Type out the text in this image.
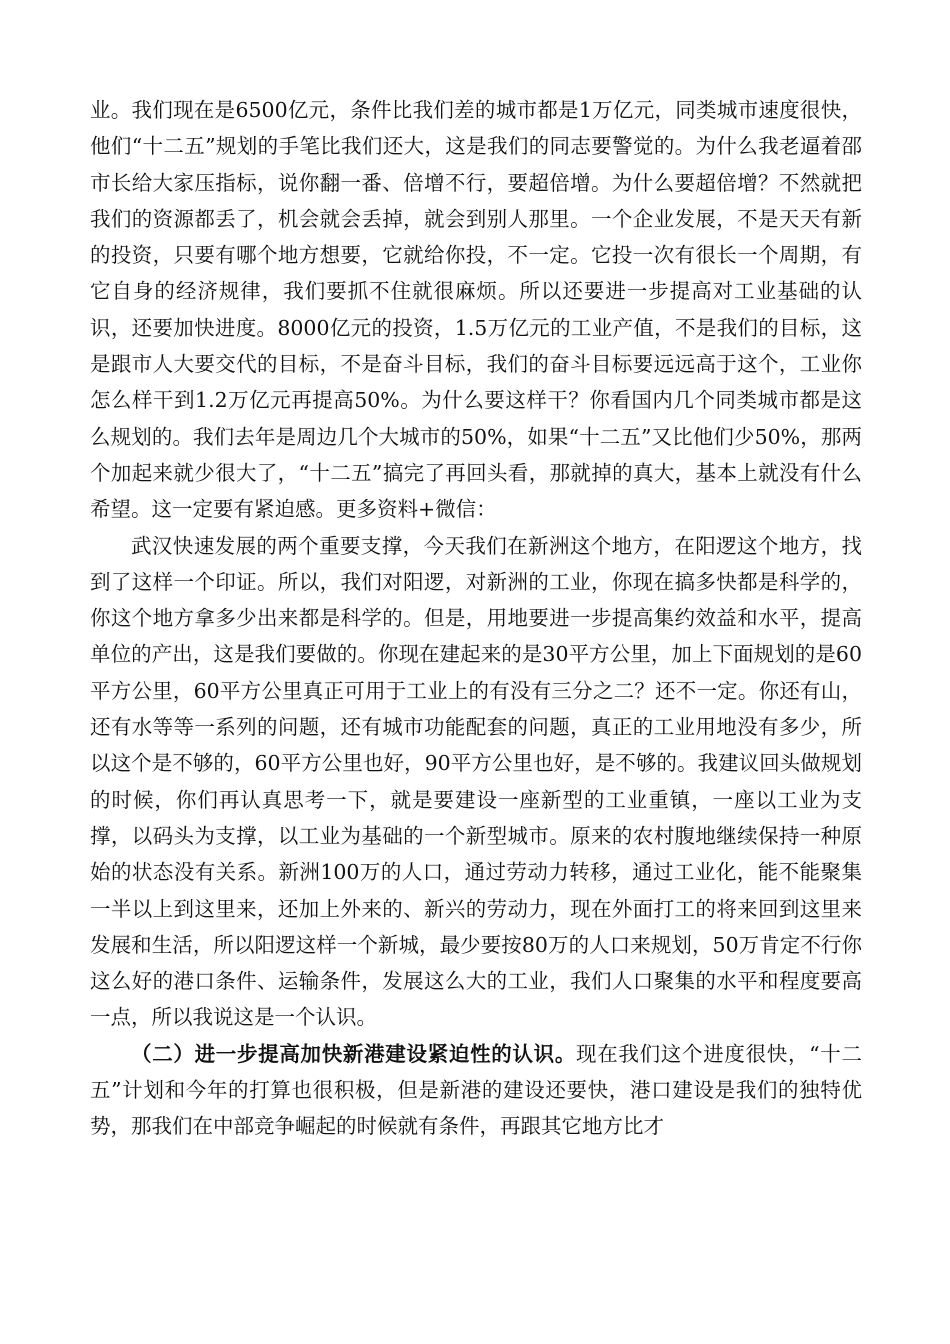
业。我们现在是6500亿元，条件比我们差的城市都是1万亿元，同类城市速度很快，他们“十二五”规划的手笔比我们还大，这是我们的同志要警觉的。为什么我老逼着邵市长给大家压指标，说你翻一番、倍增不行，要超倍增。为什么要超倍增？不然就把我们的资源都丢了，机会就会丢掉，就会到别人那里。一个企业发展，不是天天有新的投资，只要有哪个地方想要，它就给你投，不一定。它投一次有很长一个周期，有它自身的经济规律，我们要抓不住就很麻烦。所以还要进一步提高对工业基础的认识，还要加快进度。8000亿元的投资，1.5万亿元的工业产值，不是我们的目标，这是跟市人大要交代的目标，不是奋斗目标，我们的奋斗目标要远远高于这个，工业你怎么样干到1.2万亿元再提高50%。为什么要这样干？你看国内几个同类城市都是这么规划的。我们去年是周边几个大城市的50%，如果“十二五”又比他们少50%，那两个加起来就少很大了，“十二五”搞完了再回头看，那就掉的真大，基本上就没有什么希望。这一定要有紧迫感。更多资料+微信：

武汉快速发展的两个重要支撑，今天我们在新洲这个地方，在阳逻这个地方，找到了这样一个印证。所以，我们对阳逻，对新洲的工业，你现在搞多快都是科学的，你这个地方拿多少出来都是科学的。但是，用地要进一步提高集约效益和水平，提高单位的产出，这是我们要做的。你现在建起来的是30平方公里，加上下面规划的是60平方公里，60平方公里真正可用于工业上的有没有三分之二？还不一定。你还有山，还有水等等一系列的问题，还有城市功能配套的问题，真正的工业用地没有多少，所以这个是不够的，60平方公里也好，90平方公里也好，是不够的。我建议回头做规划的时候，你们再认真思考一下，就是要建设一座新型的工业重镇，一座以工业为支撑，以码头为支撑，以工业为基础的一个新型城市。原来的农村腹地继续保持一种原始的状态没有关系。新洲100万的人口，通过劳动力转移，通过工业化，能不能聚集一半以上到这里来，还加上外来的、新兴的劳动力，现在外面打工的将来回到这里来发展和生活，所以阳逻这样一个新城，最少要按80万的人口来规划，50万肯定不行你这么好的港口条件、运输条件，发展这么大的工业，我们人口聚集的水平和程度要高一点，所以我说这是一个认识。

（二）进一步提高加快新港建设紧迫性的认识。现在我们这个进度很快，“十二五”计划和今年的打算也很积极，但是新港的建设还要快，港口建设是我们的独特优势，那我们在中部竞争崛起的时候就有条件，再跟其它地方比才
